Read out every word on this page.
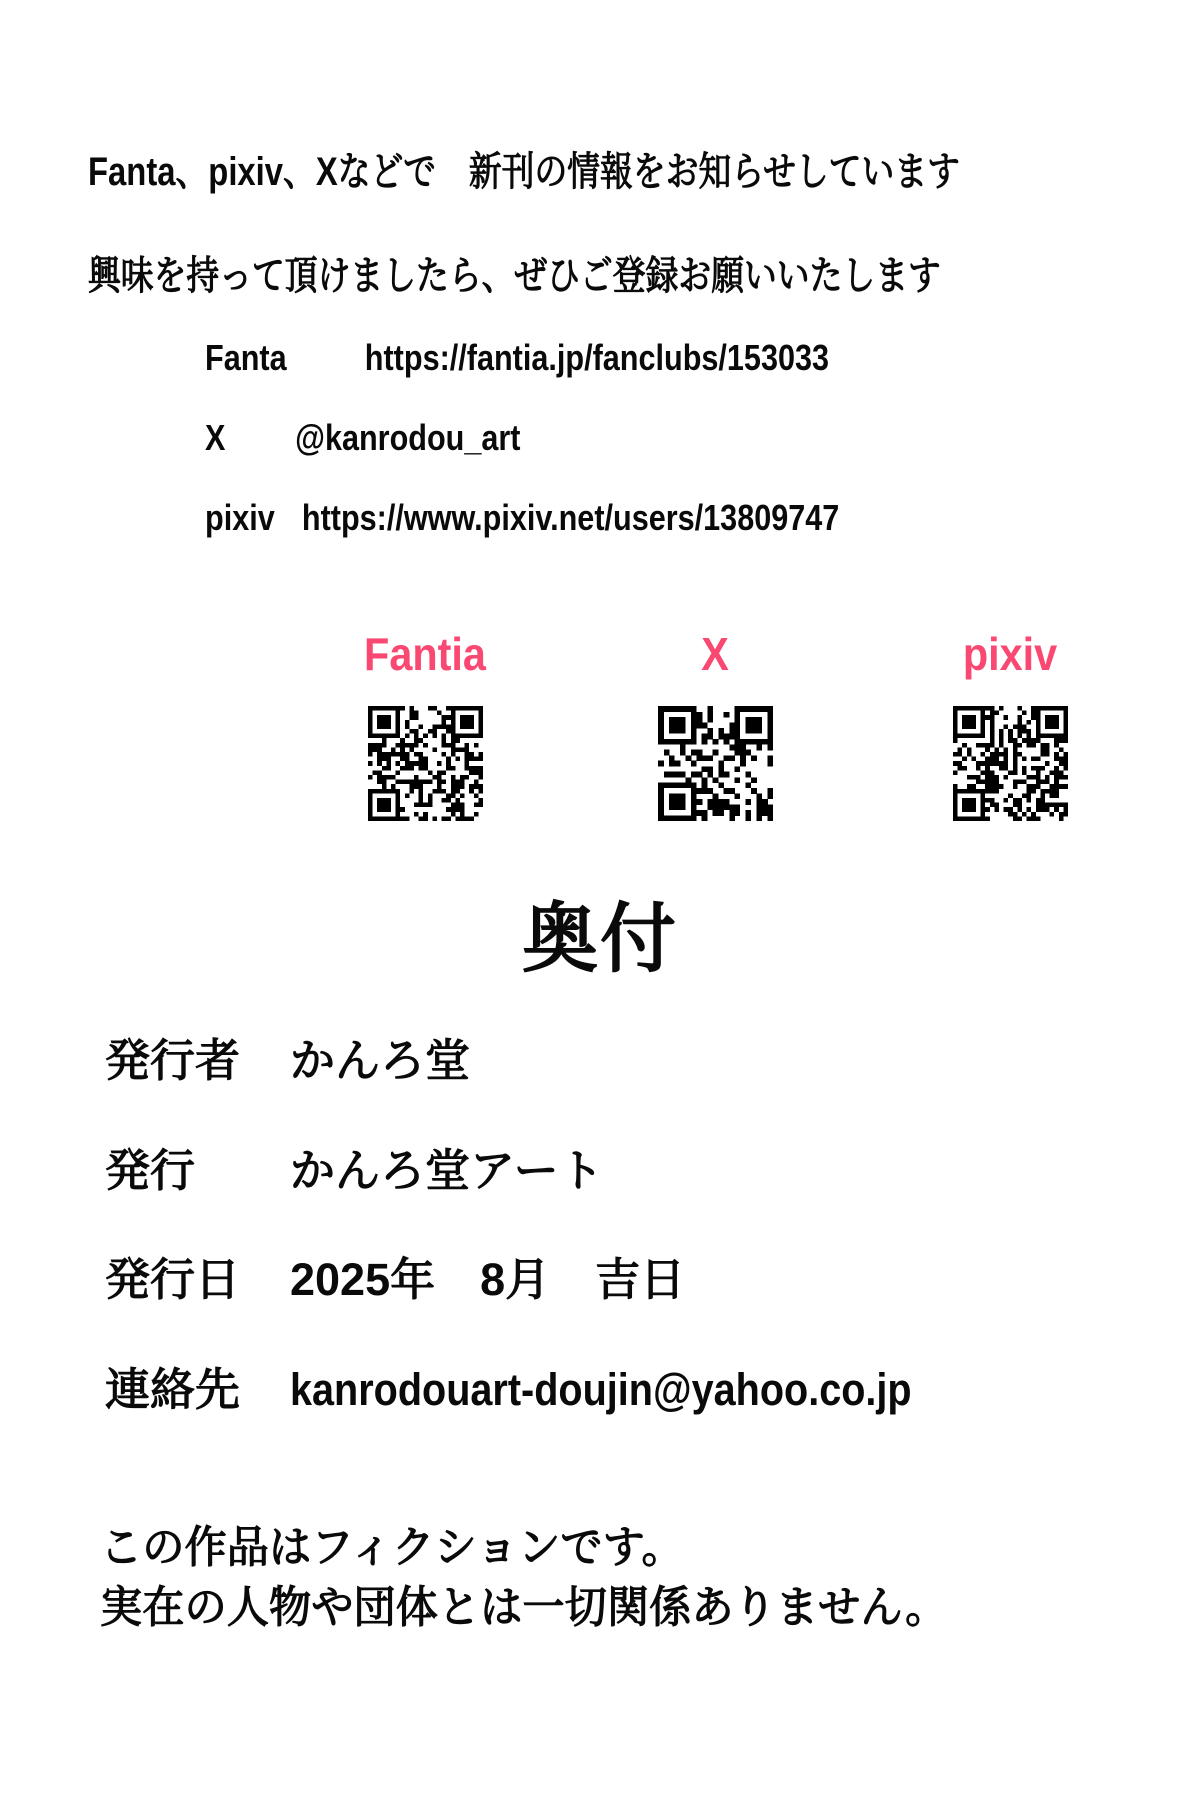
Fanta、pixiv、Xなどで　新刊の情報をお知らせしています
興味を持って頂けましたら、ぜひご登録お願いいたします
Fanta https://fantia.jp/fanclubs/153033
X @kanrodou_art
pixiv https://www.pixiv.net/users/13809747
Fantia	X	pixiv
奥付
発行者 かんろ堂
発行 かんろ堂アート
発行日 2025年　8月　吉日
連絡先 kanrodouart-doujin@yahoo.co.jp
この作品はフィクションです。
実在の人物や団体とは一切関係ありません。
